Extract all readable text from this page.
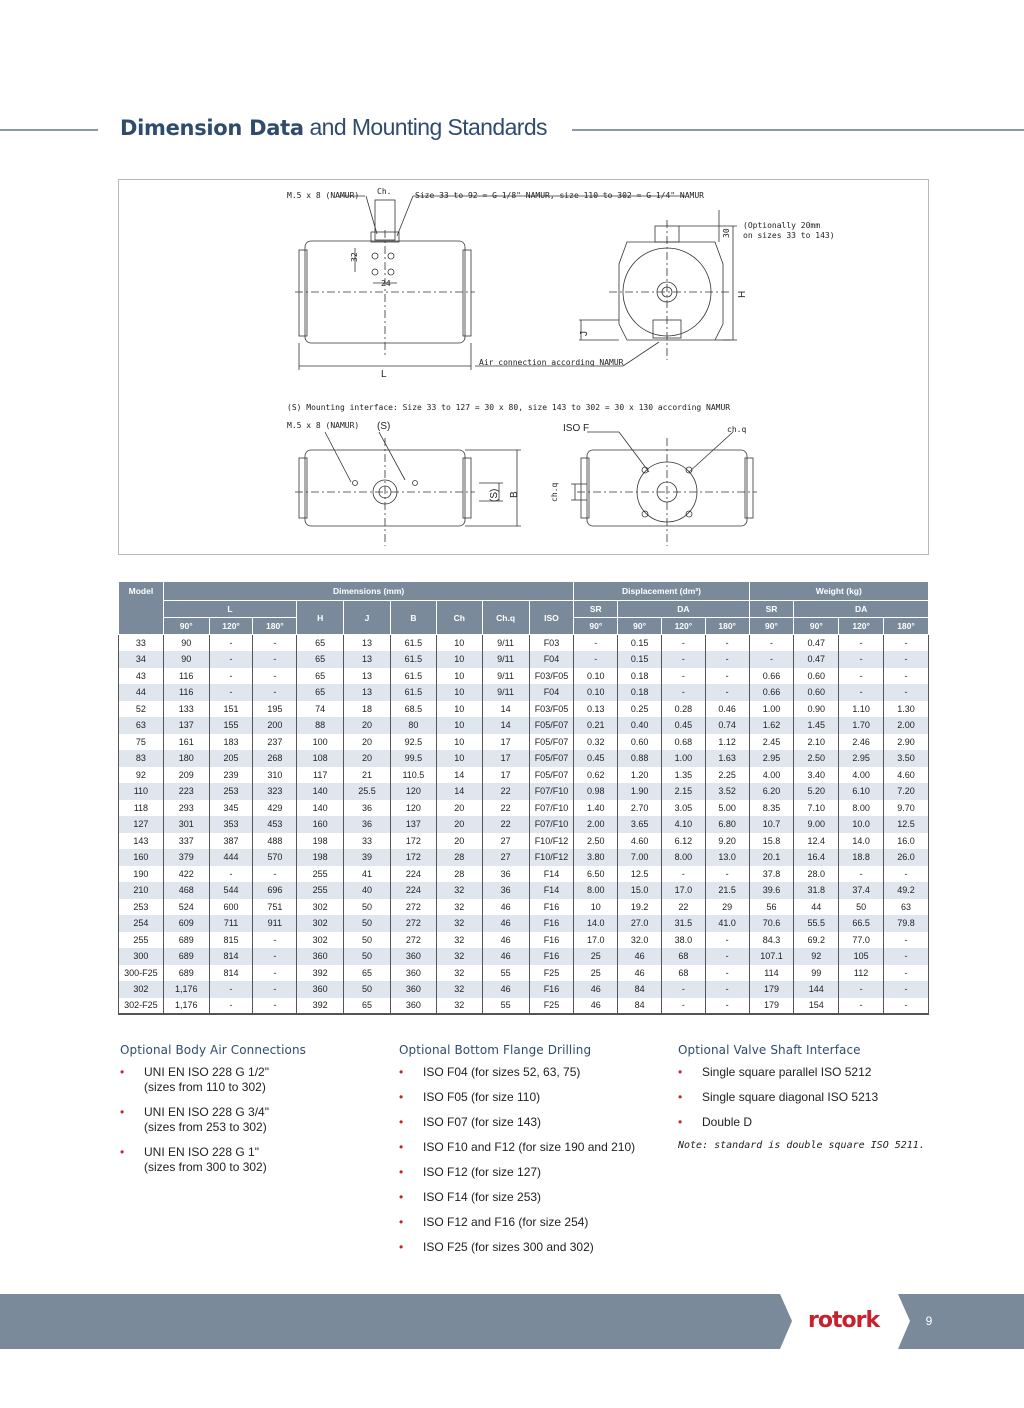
Dimension Data and Mounting Standards
M.5 x 8 (NAMUR) Ch.	Size 33 to 92 = G 1/8" NAMUR, size 110 to 302 = G 1/4" NAMUR
(Optionally 20mm
on sizes 33 to 143)
30
32
24
H
J
L
Air connection according NAMUR
(S) Mounting interface: Size 33 to 127 = 30 x 80, size 143 to 302 = 30 x 130 according NAMUR
M.5 x 8 (NAMUR) (S)	ISO F	ch.q
(S) B	ch.q
Model	Dimensions (mm)									Displacement (dm³)				Weight (kg)			
	L			H	J	B	Ch	Ch.q	ISO	SR	DA			SR	DA		
	90°	120°	180°							90°	90°	120°	180°	90°	90°	120°	180°
33	90	-	-	65	13	61.5	10	9/11	F03	-	0.15	-	-	-	0.47	-	-
34	90	-	-	65	13	61.5	10	9/11	F04	-	0.15	-	-	-	0.47	-	-
43	116	-	-	65	13	61.5	10	9/11	F03/F05	0.10	0.18	-	-	0.66	0.60	-	-
44	116	-	-	65	13	61.5	10	9/11	F04	0.10	0.18	-	-	0.66	0.60	-	-
52	133	151	195	74	18	68.5	10	14	F03/F05	0.13	0.25	0.28	0.46	1.00	0.90	1.10	1.30
63	137	155	200	88	20	80	10	14	F05/F07	0.21	0.40	0.45	0.74	1.62	1.45	1.70	2.00
75	161	183	237	100	20	92.5	10	17	F05/F07	0.32	0.60	0.68	1.12	2.45	2.10	2.46	2.90
83	180	205	268	108	20	99.5	10	17	F05/F07	0.45	0.88	1.00	1.63	2.95	2.50	2.95	3.50
92	209	239	310	117	21	110.5	14	17	F05/F07	0.62	1.20	1.35	2.25	4.00	3.40	4.00	4.60
110	223	253	323	140	25.5	120	14	22	F07/F10	0.98	1.90	2.15	3.52	6.20	5.20	6.10	7.20
118	293	345	429	140	36	120	20	22	F07/F10	1.40	2.70	3.05	5.00	8.35	7.10	8.00	9.70
127	301	353	453	160	36	137	20	22	F07/F10	2.00	3.65	4.10	6.80	10.7	9.00	10.0	12.5
143	337	387	488	198	33	172	20	27	F10/F12	2.50	4.60	6.12	9.20	15.8	12.4	14.0	16.0
160	379	444	570	198	39	172	28	27	F10/F12	3.80	7.00	8.00	13.0	20.1	16.4	18.8	26.0
190	422	-	-	255	41	224	28	36	F14	6.50	12.5	-	-	37.8	28.0	-	-
210	468	544	696	255	40	224	32	36	F14	8.00	15.0	17.0	21.5	39.6	31.8	37.4	49.2
253	524	600	751	302	50	272	32	46	F16	10	19.2	22	29	56	44	50	63
254	609	711	911	302	50	272	32	46	F16	14.0	27.0	31.5	41.0	70.6	55.5	66.5	79.8
255	689	815	-	302	50	272	32	46	F16	17.0	32.0	38.0	-	84.3	69.2	77.0	-
300	689	814	-	360	50	360	32	46	F16	25	46	68	-	107.1	92	105	-
300-F25	689	814	-	392	65	360	32	55	F25	25	46	68	-	114	99	112	-
302	1,176	-	-	360	50	360	32	46	F16	46	84	-	-	179	144	-	-
302-F25	1,176	-	-	392	65	360	32	55	F25	46	84	-	-	179	154	-	-
Optional Body Air Connections
• UNI EN ISO 228 G 1/2"
(sizes from 110 to 302)
• UNI EN ISO 228 G 3/4"
(sizes from 253 to 302)
• UNI EN ISO 228 G 1"
(sizes from 300 to 302)
Optional Bottom Flange Drilling
• ISO F04 (for sizes 52, 63, 75)
• ISO F05 (for size 110)
• ISO F07 (for size 143)
• ISO F10 and F12 (for size 190 and 210)
• ISO F12 (for size 127)
• ISO F14 (for size 253)
• ISO F12 and F16 (for size 254)
• ISO F25 (for sizes 300 and 302)
Optional Valve Shaft Interface
• Single square parallel ISO 5212
• Single square diagonal ISO 5213
• Double D
Note: standard is double square ISO 5211.
rotork	9
